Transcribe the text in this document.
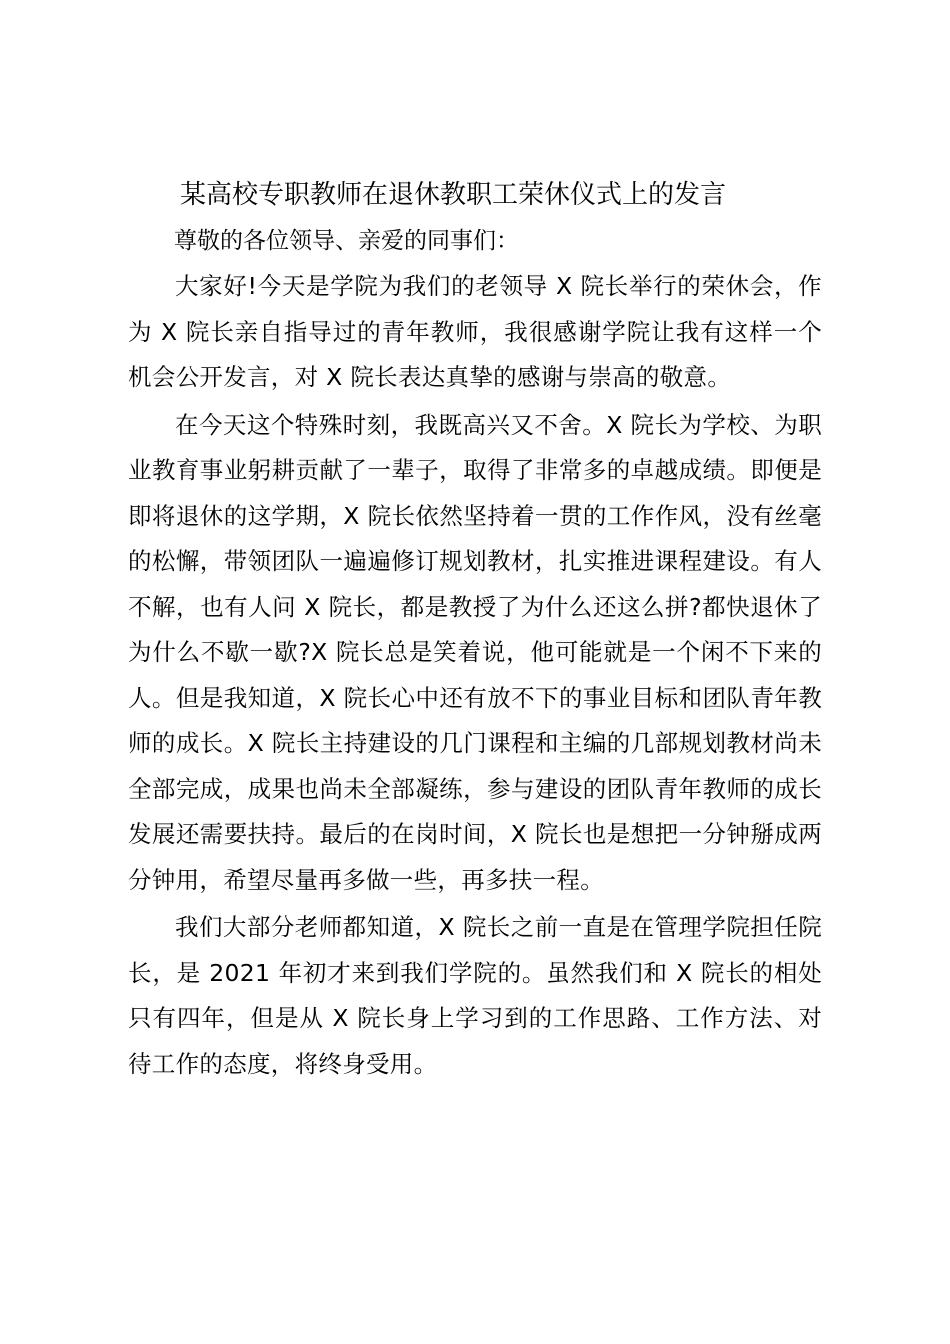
某高校专职教师在退休教职工荣休仪式上的发言

尊敬的各位领导、亲爱的同事们：

大家好!今天是学院为我们的老领导 X 院长举行的荣休会，作为 X 院长亲自指导过的青年教师，我很感谢学院让我有这样一个机会公开发言，对 X 院长表达真挚的感谢与崇高的敬意。

在今天这个特殊时刻，我既高兴又不舍。X 院长为学校、为职业教育事业躬耕贡献了一辈子，取得了非常多的卓越成绩。即便是即将退休的这学期，X 院长依然坚持着一贯的工作作风，没有丝毫的松懈，带领团队一遍遍修订规划教材，扎实推进课程建设。有人不解，也有人问 X 院长，都是教授了为什么还这么拼?都快退休了为什么不歇一歇?X 院长总是笑着说，他可能就是一个闲不下来的人。但是我知道，X 院长心中还有放不下的事业目标和团队青年教师的成长。X 院长主持建设的几门课程和主编的几部规划教材尚未全部完成，成果也尚未全部凝练，参与建设的团队青年教师的成长发展还需要扶持。最后的在岗时间，X 院长也是想把一分钟掰成两分钟用，希望尽量再多做一些，再多扶一程。

我们大部分老师都知道，X 院长之前一直是在管理学院担任院长，是 2021 年初才来到我们学院的。虽然我们和 X 院长的相处只有四年，但是从 X 院长身上学习到的工作思路、工作方法、对待工作的态度，将终身受用。
